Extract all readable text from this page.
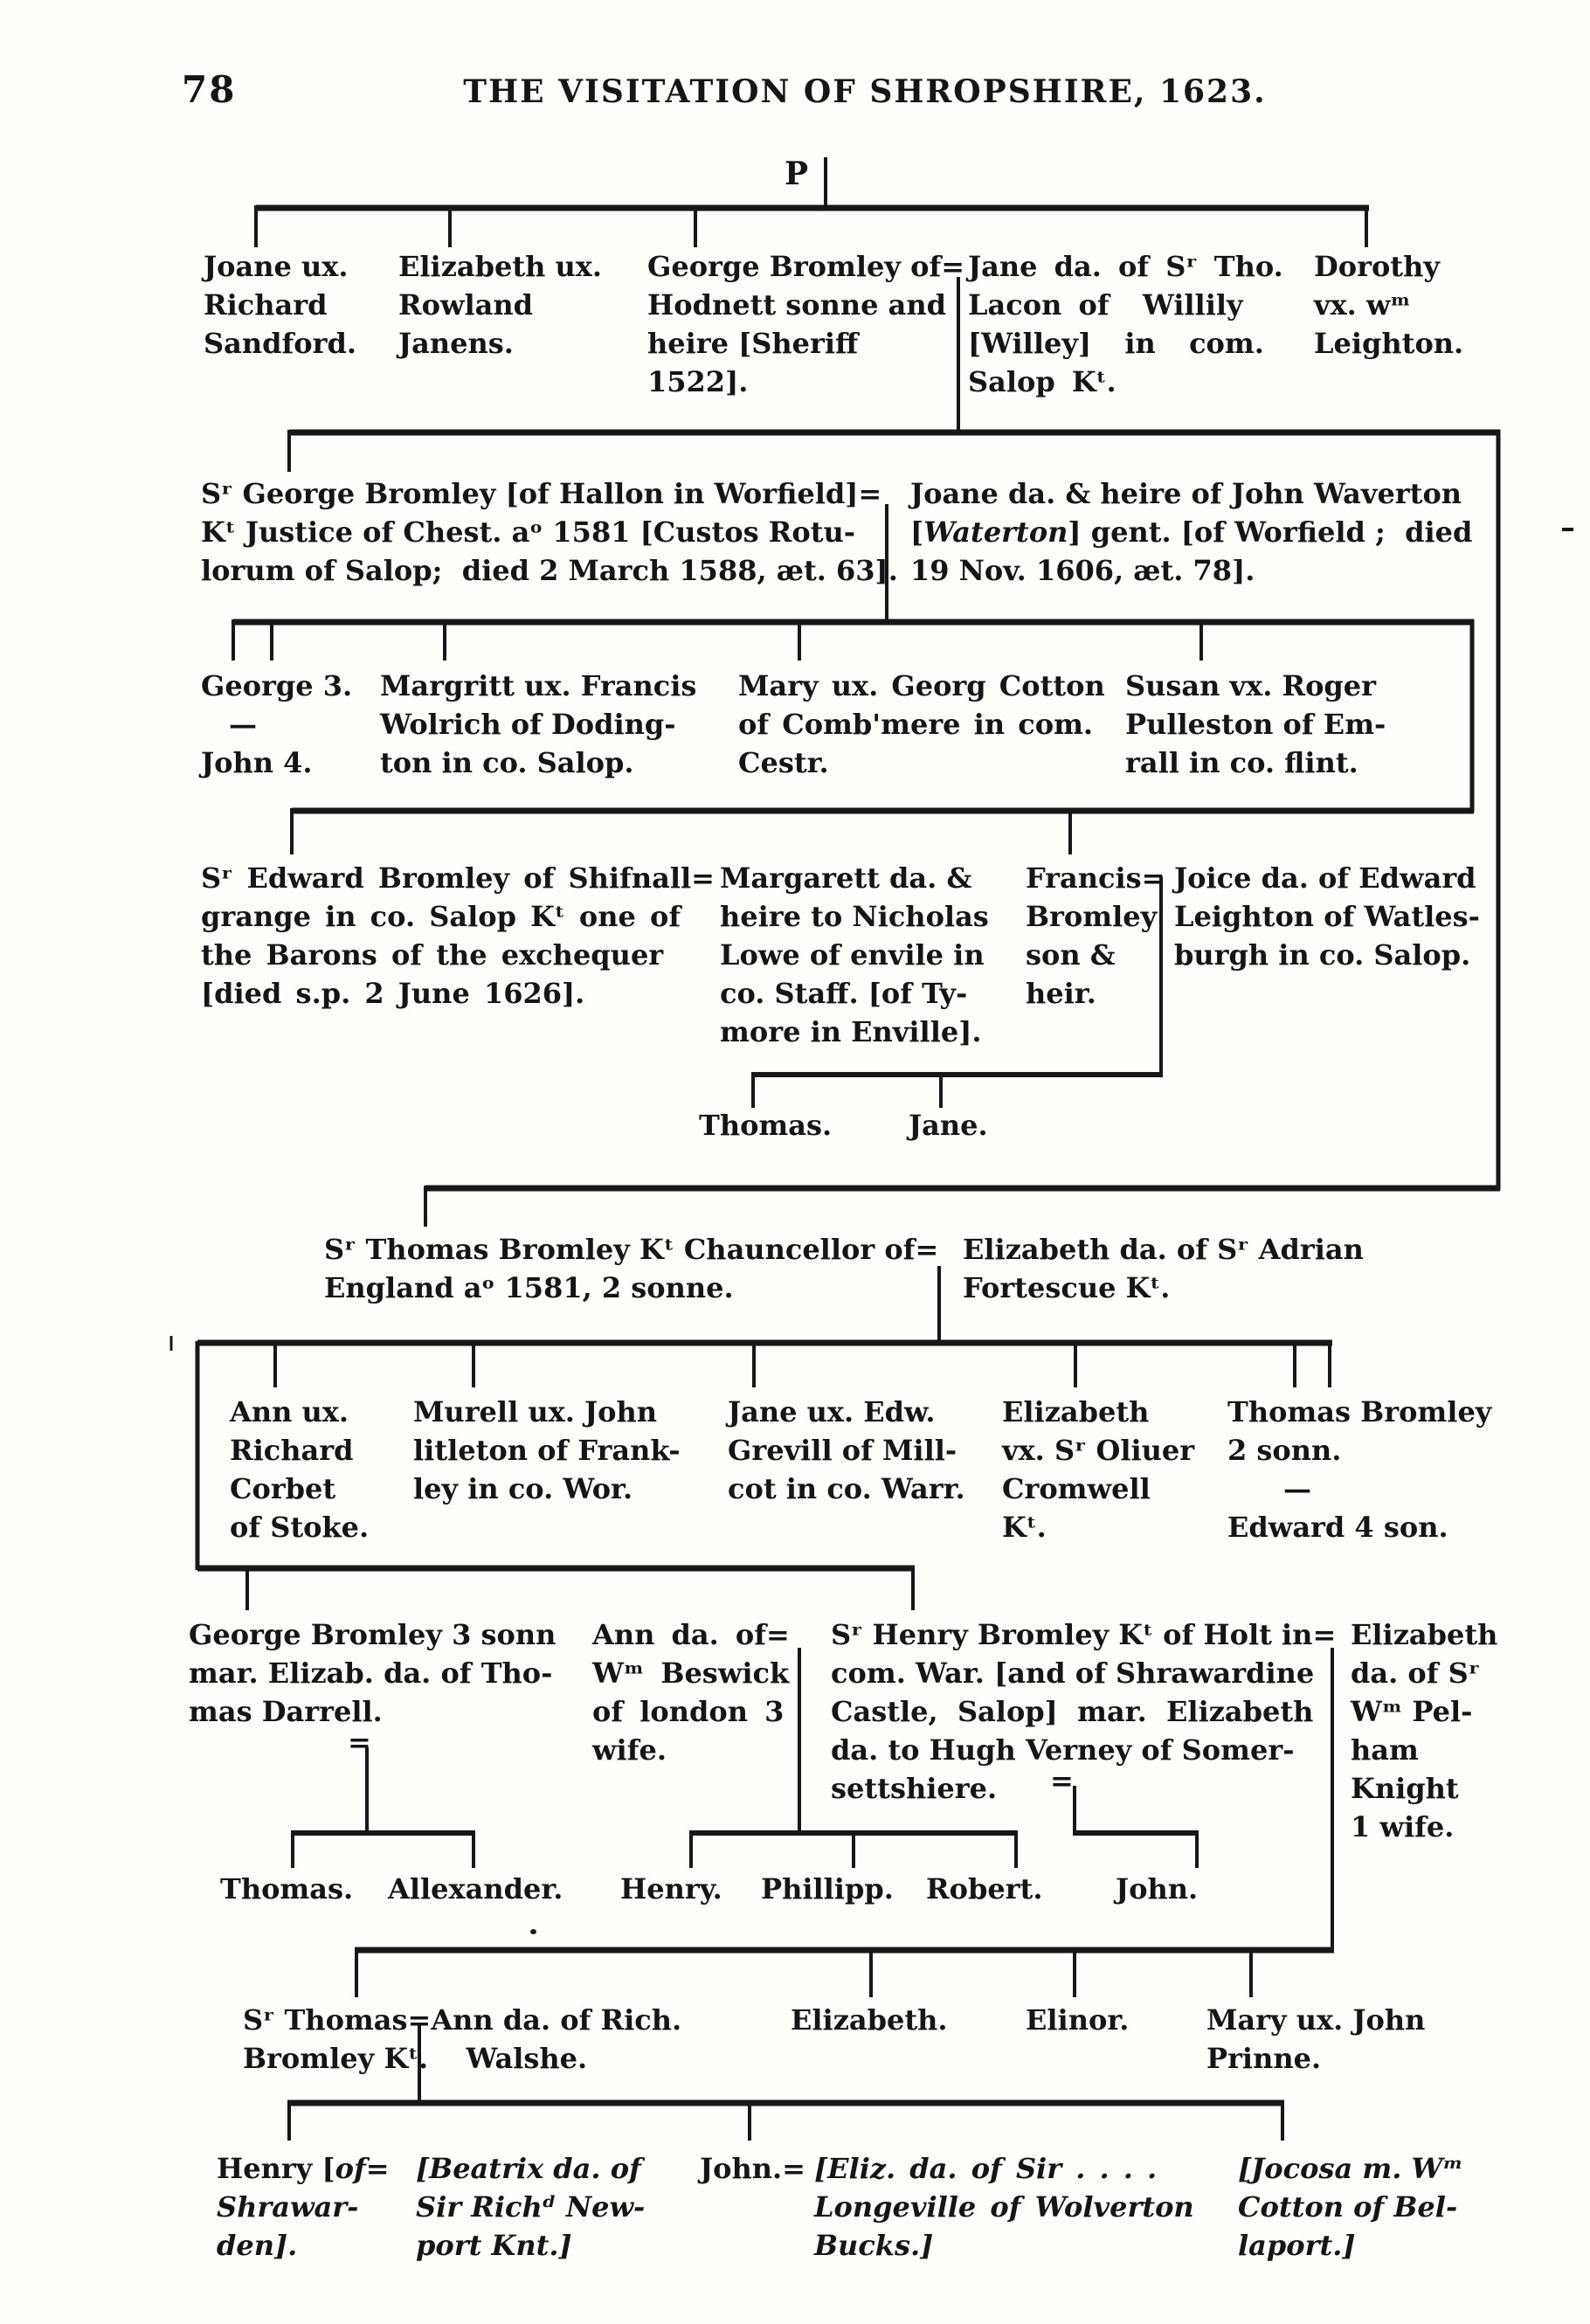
78	THE VISITATION OF SHROPSHIRE, 1623.
P
Joane ux.
Richard
Sandford.
Elizabeth ux.
Rowland
Janens.
George Bromley of=
Hodnett sonne and
heire [Sheriff
1522].
Jane da. of Sʳ Tho.
Lacon of  Willily
[Willey]  in  com.
Salop Kᵗ.
Dorothy
vx. wᵐ
Leighton.
Sʳ George Bromley [of Hallon in Worfield]=
Kᵗ Justice of Chest. aᵒ 1581 [Custos Rotu-
lorum of Salop;  died 2 March 1588, æt. 63].
Joane da. & heire of John Waverton
[Waterton] gent. [of Worfield ;  died
19 Nov. 1606, æt. 78].
George 3.
 —
John 4.
Margritt ux. Francis
Wolrich of Doding-
ton in co. Salop.
Mary ux. Georg Cotton
of Comb'mere in com.
Cestr.
Susan vx. Roger
Pulleston of Em-
rall in co. flint.
Sʳ Edward Bromley of Shifnall=
grange in co. Salop Kᵗ one of
the Barons of the exchequer
[died s.p. 2 June 1626].
Margarett da. &
heire to Nicholas
Lowe of envile in
co. Staff. [of Ty-
more in Enville].
Francis=
Bromley
son &
heir.
Joice da. of Edward
Leighton of Watles-
burgh in co. Salop.
Thomas.	Jane.
Sʳ Thomas Bromley Kᵗ Chauncellor of=
England aᵒ 1581, 2 sonne.
Elizabeth da. of Sʳ Adrian
Fortescue Kᵗ.
Ann ux.
Richard
Corbet
of Stoke.
Murell ux. John
litleton of Frank-
ley in co. Wor.
Jane ux. Edw.
Grevill of Mill-
cot in co. Warr.
Elizabeth
vx. Sʳ Oliuer
Cromwell
Kᵗ.
Thomas Bromley
2 sonn.
  —
Edward 4 son.
George Bromley 3 sonn
mar. Elizab. da. of Tho-
mas Darrell.
=
Ann da. of=
Wᵐ Beswick
of london 3
wife.
Sʳ Henry Bromley Kᵗ of Holt in=
com. War. [and of Shrawardine
Castle,  Salop]  mar.  Elizabeth
da. to Hugh Verney of Somer-
settshiere.	=
Elizabeth
da. of Sʳ
Wᵐ Pel-
ham
Knight
1 wife.
Thomas.	Allexander.	Henry.	Phillipp.	Robert.	John.
Sʳ Thomas=Ann da. of Rich.
Bromley Kᵗ.  Walshe.
Elizabeth.	Elinor.	Mary ux. John
Prinne.
Henry [of=
Shrawar-
den].
[Beatrix da. of
Sir Richᵈ New-
port Knt.]
John.= [Eliz. da. of Sir . . . .
Longeville of Wolverton
Bucks.]
[Jocosa m. Wᵐ
Cotton of Bel-
laport.]
